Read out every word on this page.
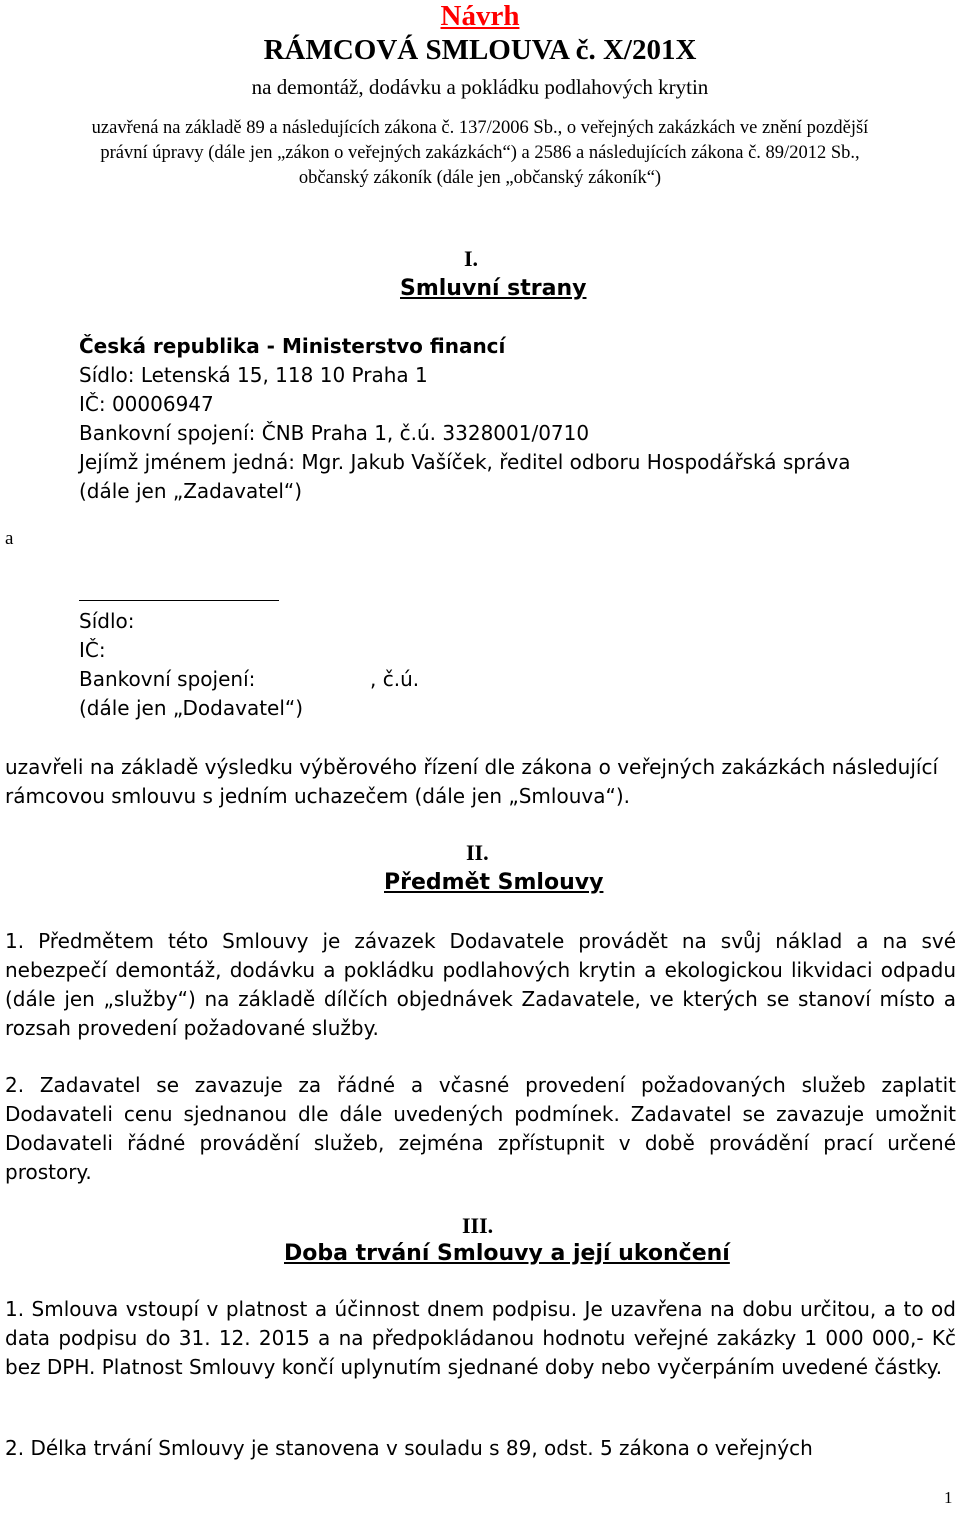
Návrh
RÁMCOVÁ SMLOUVA č. X/201X
na demontáž, dodávku a pokládku podlahových krytin
uzavřená na základě 89 a následujících zákona č. 137/2006 Sb., o veřejných zakázkách ve znění pozdější
právní úpravy (dále jen „zákon o veřejných zakázkách“) a 2586 a následujících zákona č. 89/2012 Sb.,
občanský zákoník (dále jen „občanský zákoník“)
I.
Smluvní strany
Česká republika - Ministerstvo financí
Sídlo: Letenská 15, 118 10 Praha 1
IČ: 00006947
Bankovní spojení: ČNB Praha 1, č.ú. 3328001/0710
Jejímž jménem jedná: Mgr. Jakub Vašíček, ředitel odboru Hospodářská správa
(dále jen „Zadavatel“)
a
Sídlo:
IČ:
Bankovní spojení:	, č.ú.
(dále jen „Dodavatel“)
uzavřeli na základě výsledku výběrového řízení dle zákona o veřejných zakázkách následující
rámcovou smlouvu s jedním uchazečem (dále jen „Smlouva“).
II.
Předmět Smlouvy
1. Předmětem této Smlouvy je závazek Dodavatele provádět na svůj náklad a na své nebezpečí demontáž, dodávku a pokládku podlahových krytin a ekologickou likvidaci odpadu (dále jen „služby“) na základě dílčích objednávek Zadavatele, ve kterých se stanoví místo a rozsah provedení požadované služby.
2. Zadavatel se zavazuje za řádné a včasné provedení požadovaných služeb zaplatit Dodavateli cenu sjednanou dle dále uvedených podmínek. Zadavatel se zavazuje umožnit Dodavateli řádné provádění služeb, zejména zpřístupnit v době provádění prací určené prostory.
III.
Doba trvání Smlouvy a její ukončení
1. Smlouva vstoupí v platnost a účinnost dnem podpisu. Je uzavřena na dobu určitou, a to od data podpisu do 31. 12. 2015 a na předpokládanou hodnotu veřejné zakázky 1 000 000,- Kč bez DPH. Platnost Smlouvy končí uplynutím sjednané doby nebo vyčerpáním uvedené částky.
2. Délka trvání Smlouvy je stanovena v souladu s 89, odst. 5 zákona o veřejných
1
